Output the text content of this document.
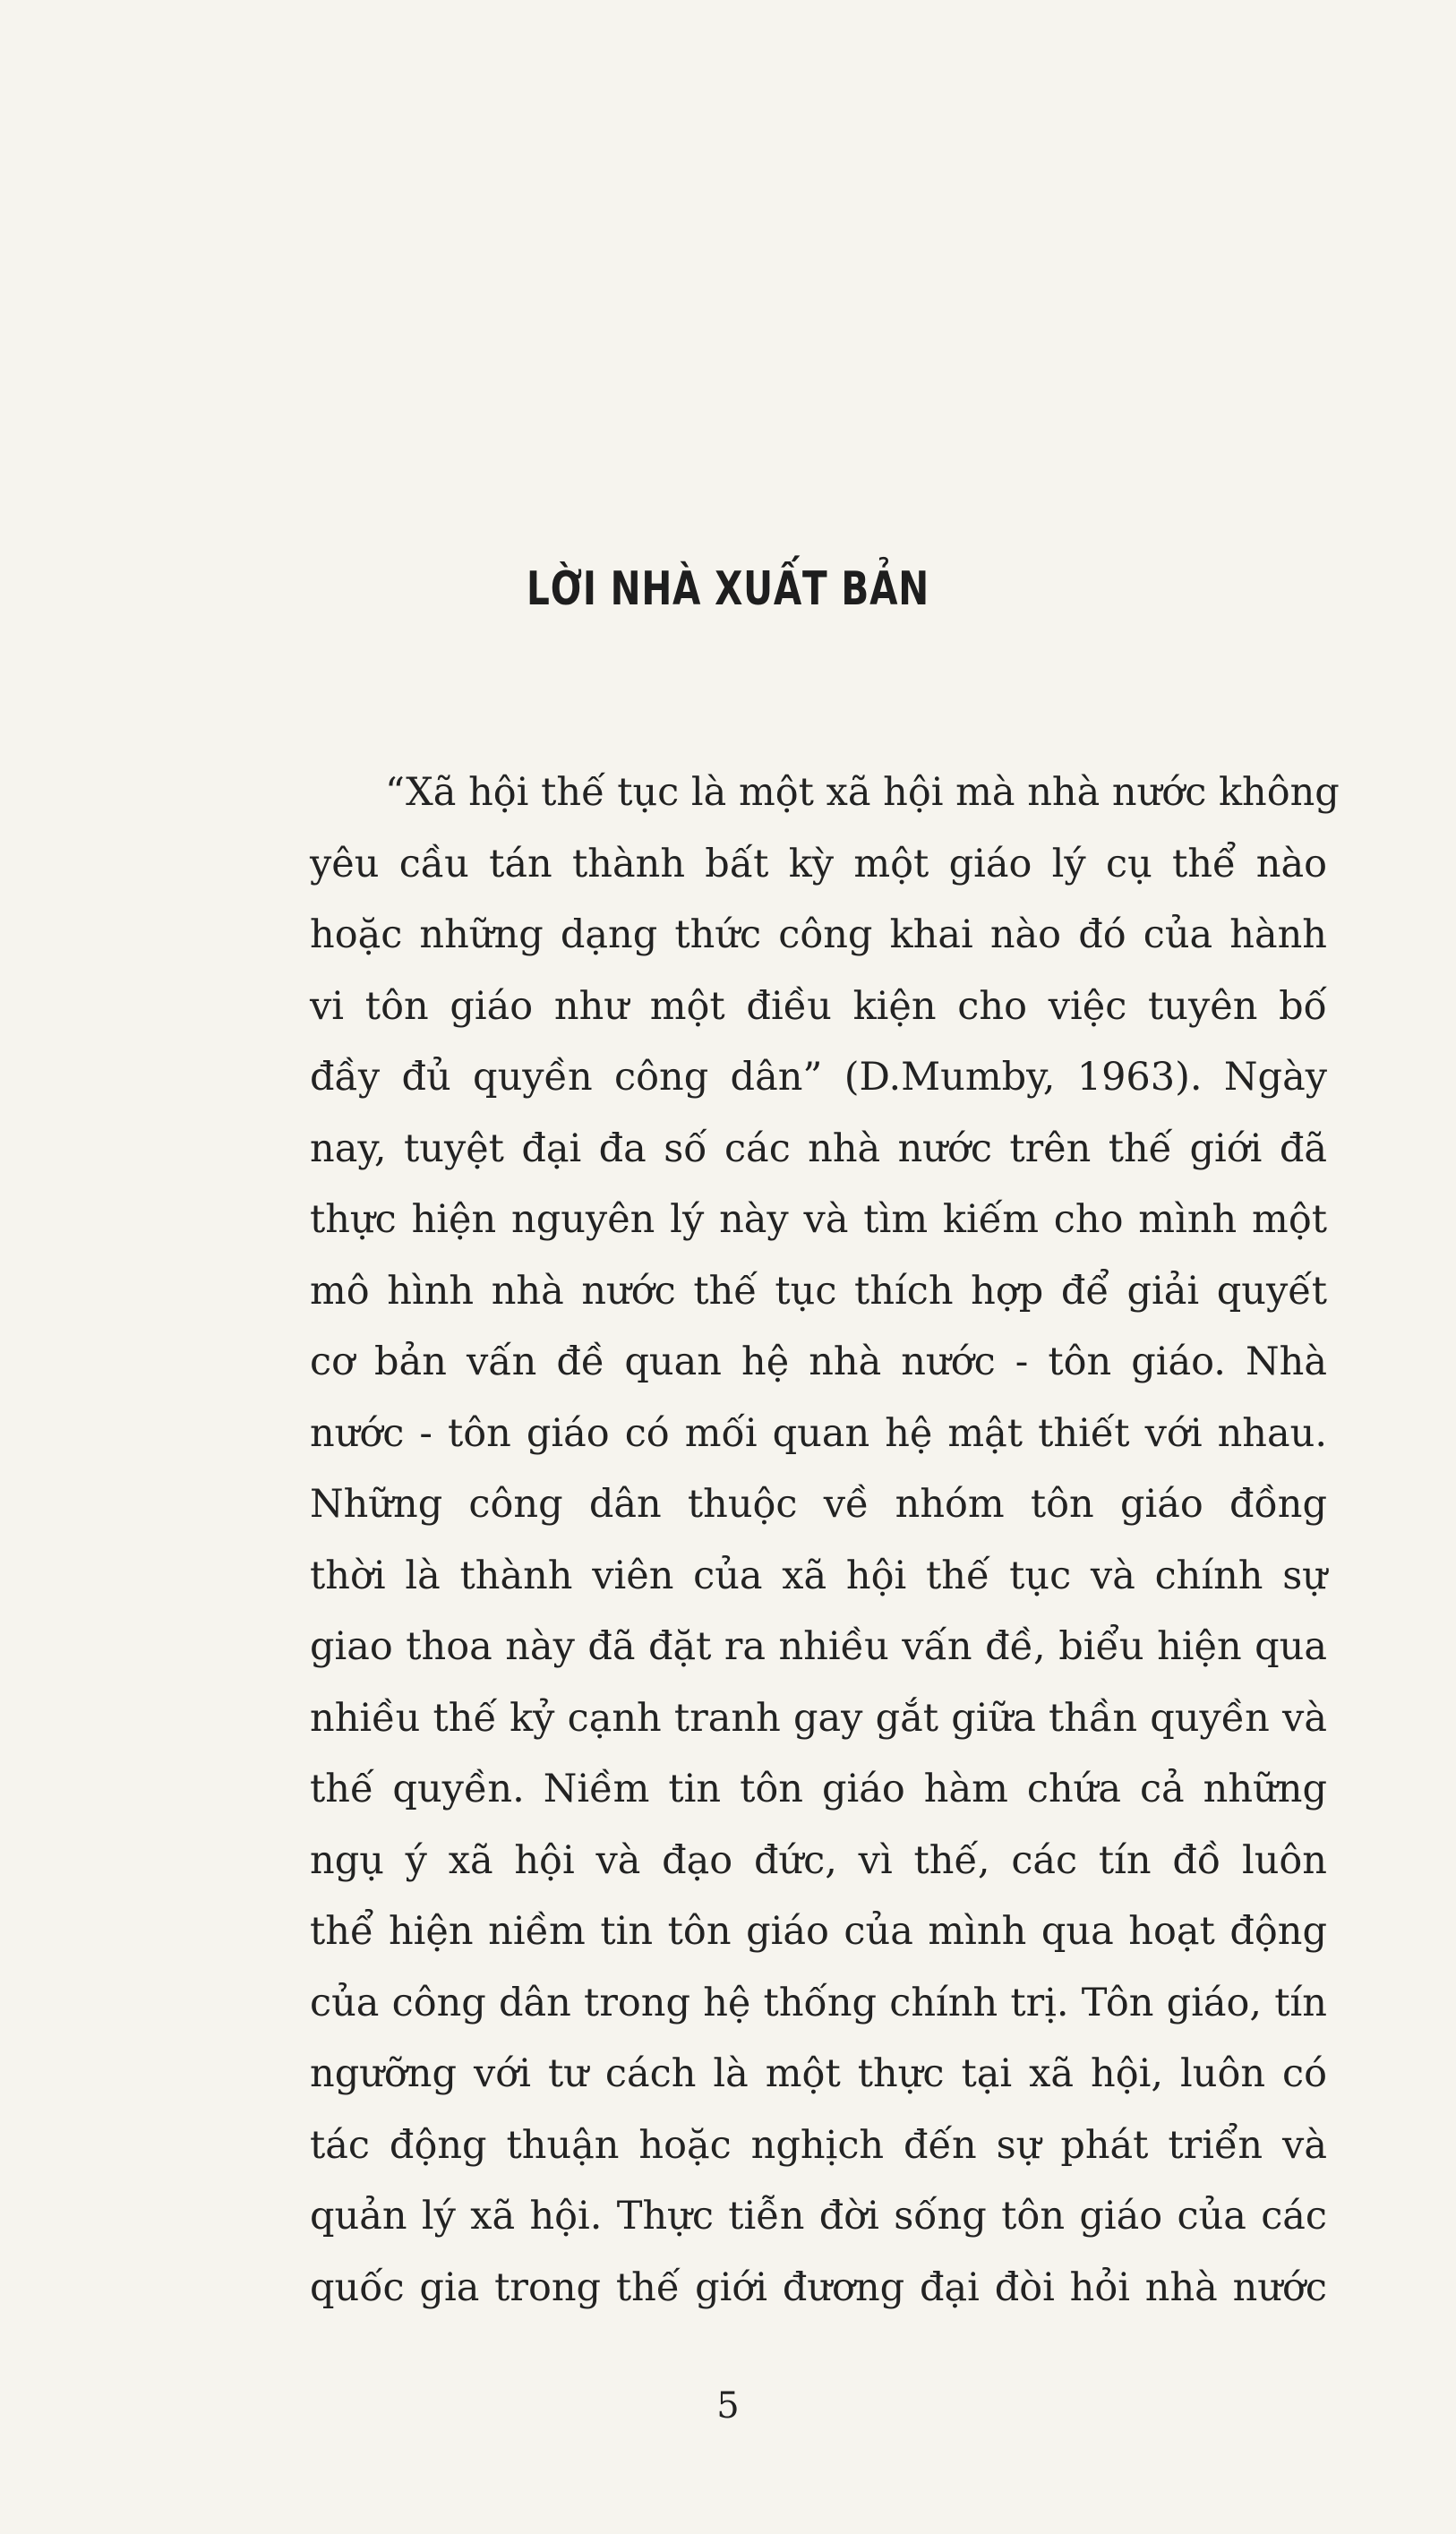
LỜI NHÀ XUẤT BẢN
“Xã hội thế tục là một xã hội mà nhà nước không
yêu cầu tán thành bất kỳ một giáo lý cụ thể nào
hoặc những dạng thức công khai nào đó của hành
vi tôn giáo như một điều kiện cho việc tuyên bố
đầy đủ quyền công dân” (D.Mumby, 1963). Ngày
nay, tuyệt đại đa số các nhà nước trên thế giới đã
thực hiện nguyên lý này và tìm kiếm cho mình một
mô hình nhà nước thế tục thích hợp để giải quyết
cơ bản vấn đề quan hệ nhà nước - tôn giáo. Nhà
nước - tôn giáo có mối quan hệ mật thiết với nhau.
Những công dân thuộc về nhóm tôn giáo đồng
thời là thành viên của xã hội thế tục và chính sự
giao thoa này đã đặt ra nhiều vấn đề, biểu hiện qua
nhiều thế kỷ cạnh tranh gay gắt giữa thần quyền và
thế quyền. Niềm tin tôn giáo hàm chứa cả những
ngụ ý xã hội và đạo đức, vì thế, các tín đồ luôn
thể hiện niềm tin tôn giáo của mình qua hoạt động
của công dân trong hệ thống chính trị. Tôn giáo, tín
ngưỡng với tư cách là một thực tại xã hội, luôn có
tác động thuận hoặc nghịch đến sự phát triển và
quản lý xã hội. Thực tiễn đời sống tôn giáo của các
quốc gia trong thế giới đương đại đòi hỏi nhà nước
5
